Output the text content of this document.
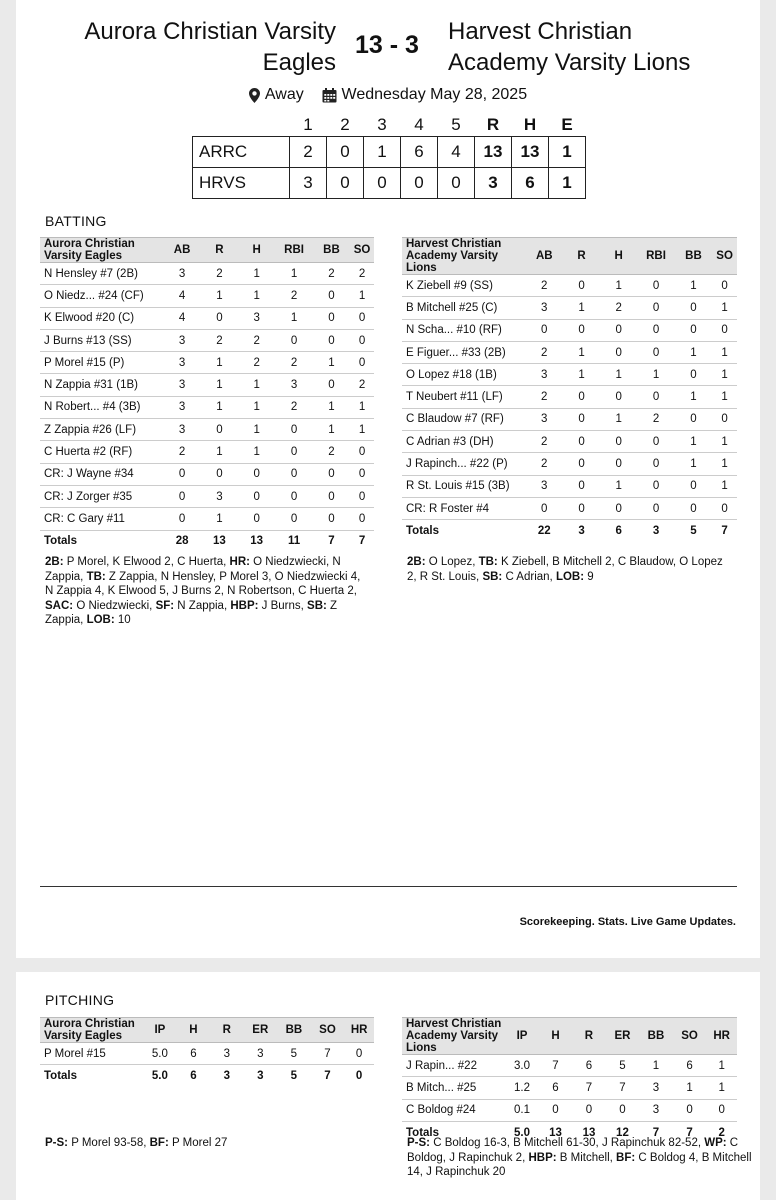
Aurora Christian Varsity
Eagles
13 - 3 Harvest Christian
Academy Varsity Lions
Away
Wednesday May 28, 2025
	1	2	3	4	5	R	H	E
ARRC	2	0	1	6	4	13	13	1
HRVS	3	0	0	0	0	3	6	1
BATTING
Aurora Christian Varsity Eagles	AB	R	H	RBI	BB	SO
N Hensley #7 (2B)	3	2	1	1	2	2
O Niedz... #24 (CF)	4	1	1	2	0	1
K Elwood #20 (C)	4	0	3	1	0	0
J Burns #13 (SS)	3	2	2	0	0	0
P Morel #15 (P)	3	1	2	2	1	0
N Zappia #31 (1B)	3	1	1	3	0	2
N Robert... #4 (3B)	3	1	1	2	1	1
Z Zappia #26 (LF)	3	0	1	0	1	1
C Huerta #2 (RF)	2	1	1	0	2	0
CR: J Wayne #34	0	0	0	0	0	0
CR: J Zorger #35	0	3	0	0	0	0
CR: C Gary #11	0	1	0	0	0	0
Totals	28	13	13	11	7	7
Harvest Christian Academy Varsity Lions	AB	R	H	RBI	BB	SO
K Ziebell #9 (SS)	2	0	1	0	1	0
B Mitchell #25 (C)	3	1	2	0	0	1
N Scha... #10 (RF)	0	0	0	0	0	0
E Figuer... #33 (2B)	2	1	0	0	1	1
O Lopez #18 (1B)	3	1	1	1	0	1
T Neubert #11 (LF)	2	0	0	0	1	1
C Blaudow #7 (RF)	3	0	1	2	0	0
C Adrian #3 (DH)	2	0	0	0	1	1
J Rapinch... #22 (P)	2	0	0	0	1	1
R St. Louis #15 (3B)	3	0	1	0	0	1
CR: R Foster #4	0	0	0	0	0	0
Totals	22	3	6	3	5	7
2B: P Morel, K Elwood 2, C Huerta, HR: O Niedzwiecki, N Zappia, TB: Z Zappia, N Hensley, P Morel 3, O Niedzwiecki 4, N Zappia 4, K Elwood 5, J Burns 2, N Robertson, C Huerta 2, SAC: O Niedzwiecki, SF: N Zappia, HBP: J Burns, SB: Z Zappia, LOB: 10
2B: O Lopez, TB: K Ziebell, B Mitchell 2, C Blaudow, O Lopez 2, R St. Louis, SB: C Adrian, LOB: 9
Scorekeeping. Stats. Live Game Updates.
PITCHING
Aurora Christian Varsity Eagles	IP	H	R	ER	BB	SO	HR
P Morel #15	5.0	6	3	3	5	7	0
Totals	5.0	6	3	3	5	7	0
Harvest Christian Academy Varsity Lions	IP	H	R	ER	BB	SO	HR
J Rapin... #22	3.0	7	6	5	1	6	1
B Mitch... #25	1.2	6	7	7	3	1	1
C Boldog #24	0.1	0	0	0	3	0	0
Totals	5.0	13	13	12	7	7	2
P-S: P Morel 93-58, BF: P Morel 27	P-S: C Boldog 16-3, B Mitchell 61-30, J Rapinchuk 82-52, WP: C Boldog, J Rapinchuk 2, HBP: B Mitchell, BF: C Boldog 4, B Mitchell 14, J Rapinchuk 20
